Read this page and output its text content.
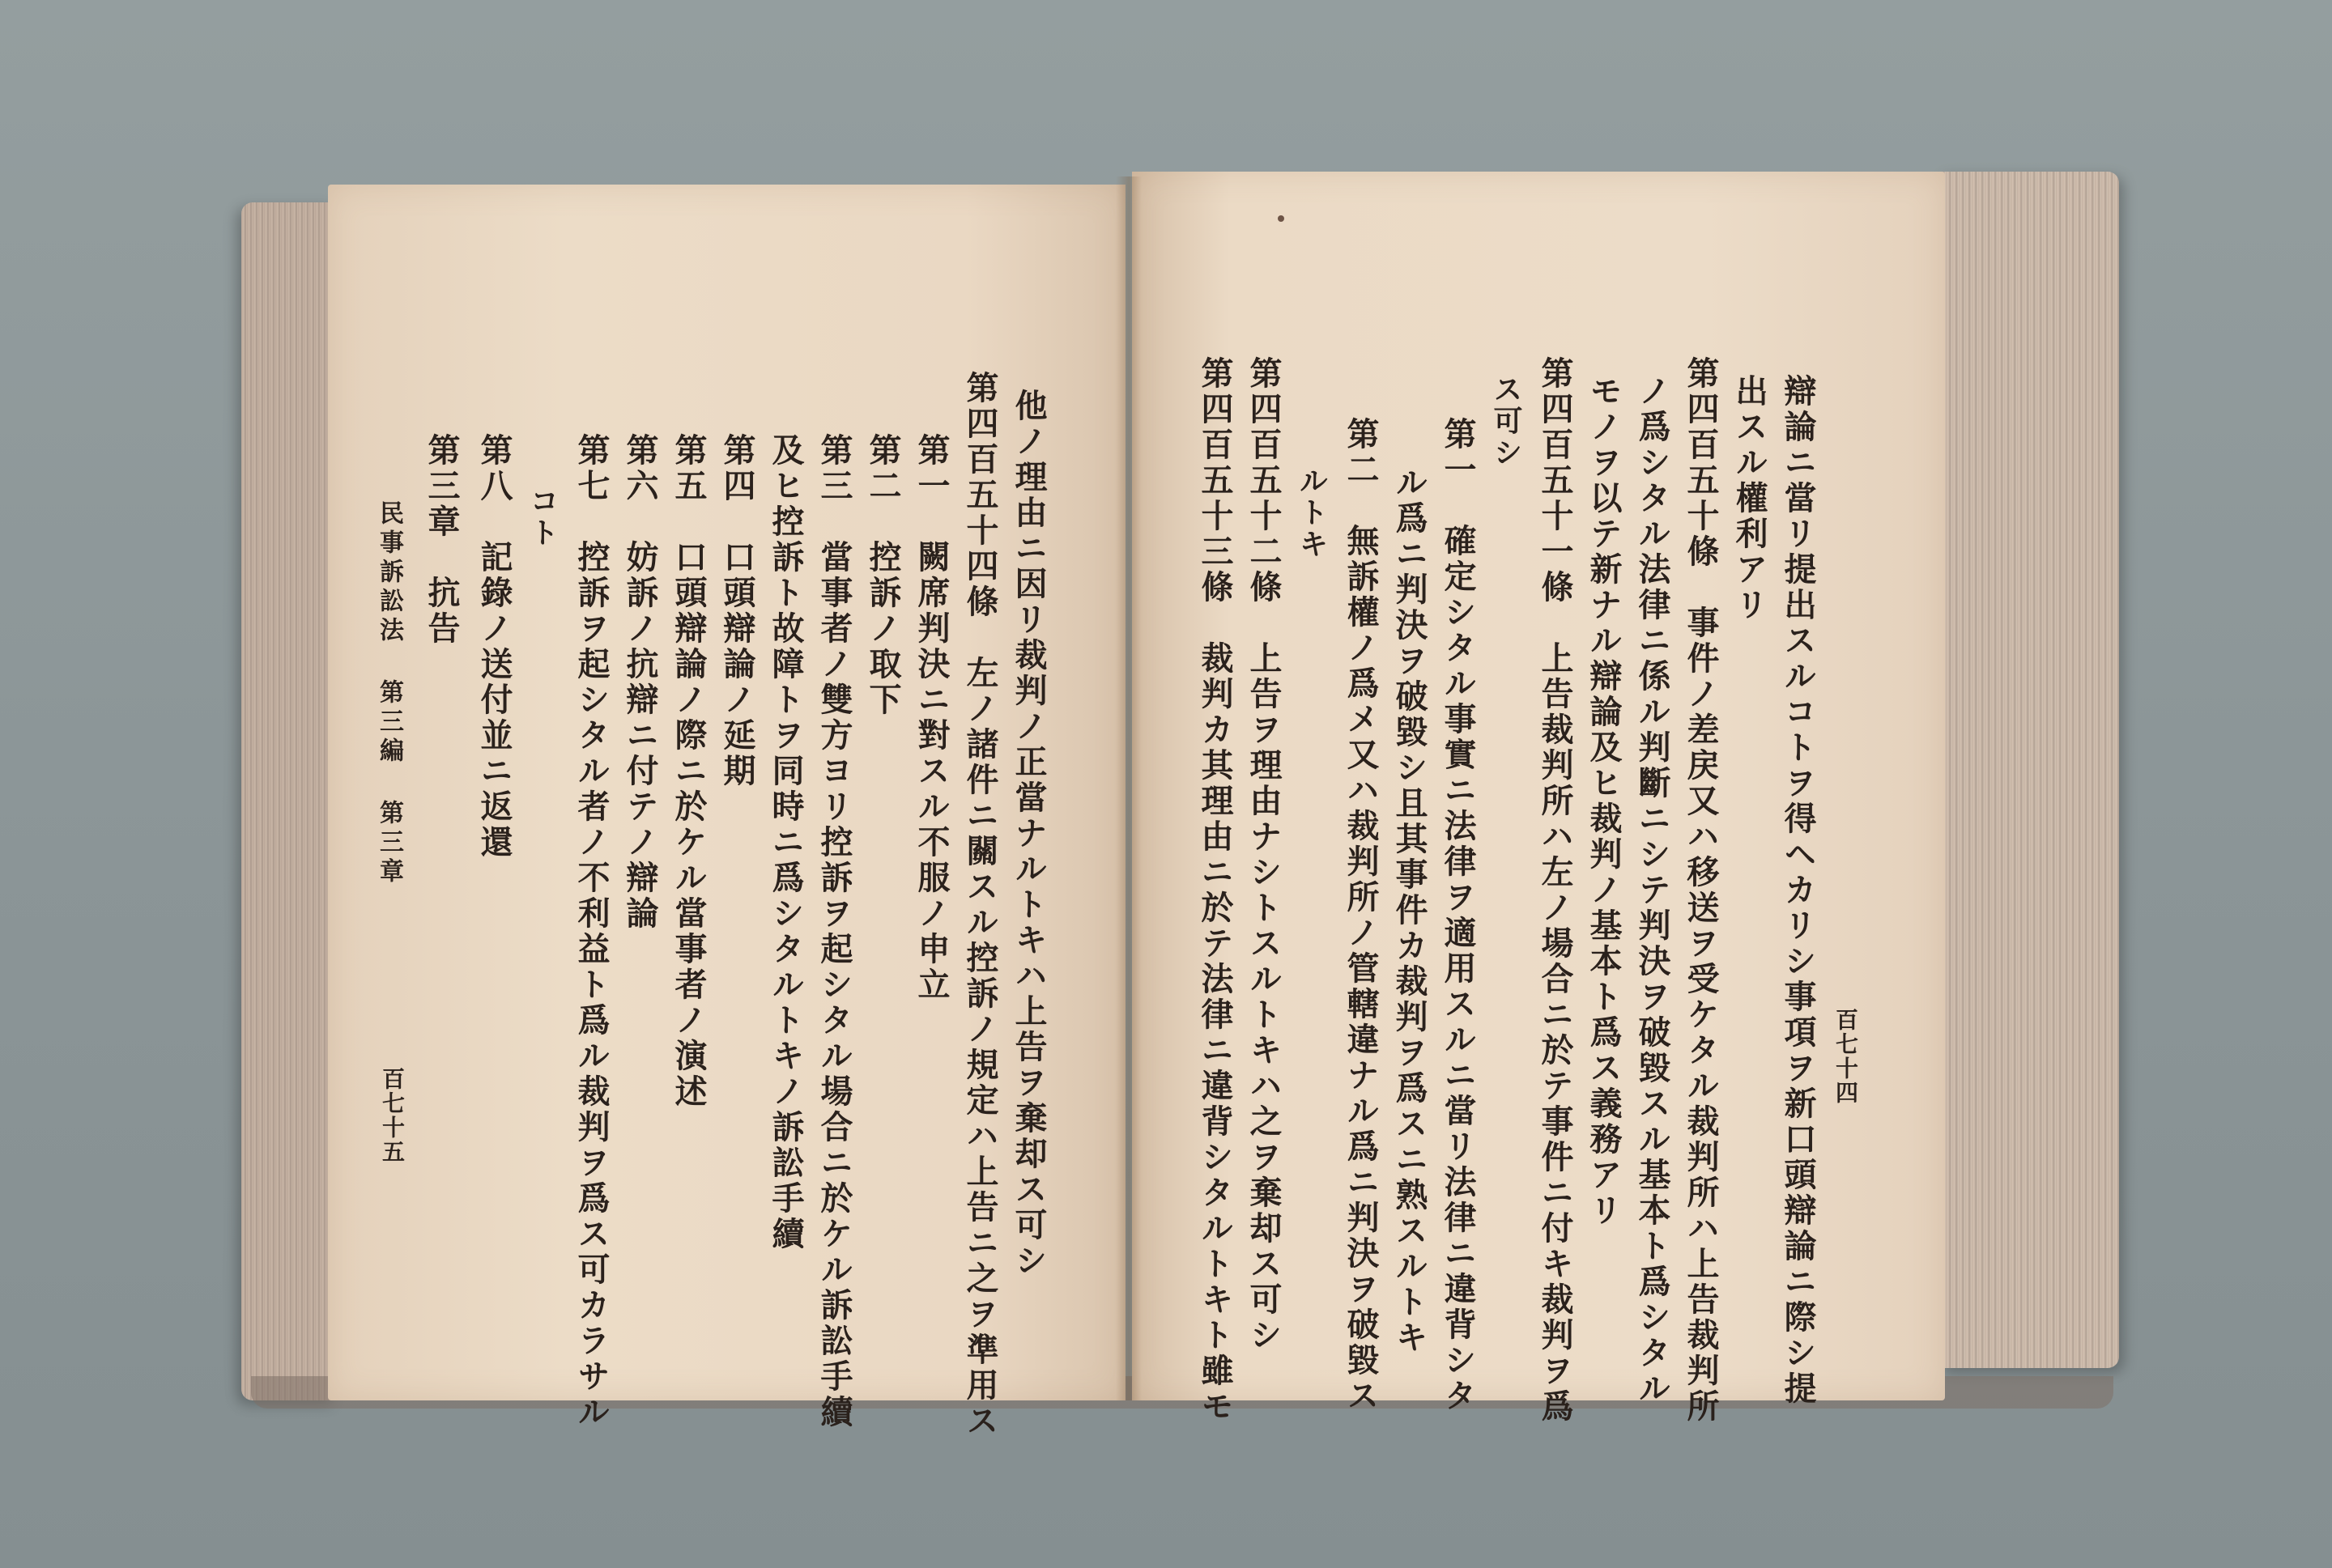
他ノ理由ニ因リ裁判ノ正當ナルトキハ上告ヲ棄却ス可シ
第四百五十四條　左ノ諸件ニ關スル控訴ノ規定ハ上告ニ之ヲ準用ス
第一　闕席判決ニ對スル不服ノ申立
第二　控訴ノ取下
第三　當事者ノ雙方ヨリ控訴ヲ起シタル場合ニ於ケル訴訟手續
及ヒ控訴ト故障トヲ同時ニ爲シタルトキノ訴訟手續
第四　口頭辯論ノ延期
第五　口頭辯論ノ際ニ於ケル當事者ノ演述
第六　妨訴ノ抗辯ニ付テノ辯論
第七　控訴ヲ起シタル者ノ不利益ト爲ル裁判ヲ爲ス可カラサル
コト
第八　記錄ノ送付並ニ返還
第三章　抗告
民事訴訟法 第三編 第三章
百七十五
百七十四
辯論ニ當リ提出スルコトヲ得ヘカリシ事項ヲ新口頭辯論ニ際シ提
出スル權利アリ
第四百五十條　事件ノ差戻又ハ移送ヲ受ケタル裁判所ハ上告裁判所
ノ爲シタル法律ニ係ル判斷ニシテ判決ヲ破毀スル基本ト爲シタル
モノヲ以テ新ナル辯論及ヒ裁判ノ基本ト爲ス義務アリ
第四百五十一條　上告裁判所ハ左ノ場合ニ於テ事件ニ付キ裁判ヲ爲
ス可シ
第一　確定シタル事實ニ法律ヲ適用スルニ當リ法律ニ違背シタ
ル爲ニ判決ヲ破毀シ且其事件カ裁判ヲ爲スニ熟スルトキ
第二　無訴權ノ爲メ又ハ裁判所ノ管轄違ナル爲ニ判決ヲ破毀ス
ルトキ
第四百五十二條　上告ヲ理由ナシトスルトキハ之ヲ棄却ス可シ
第四百五十三條　裁判カ其理由ニ於テ法律ニ違背シタルトキト雖モ
